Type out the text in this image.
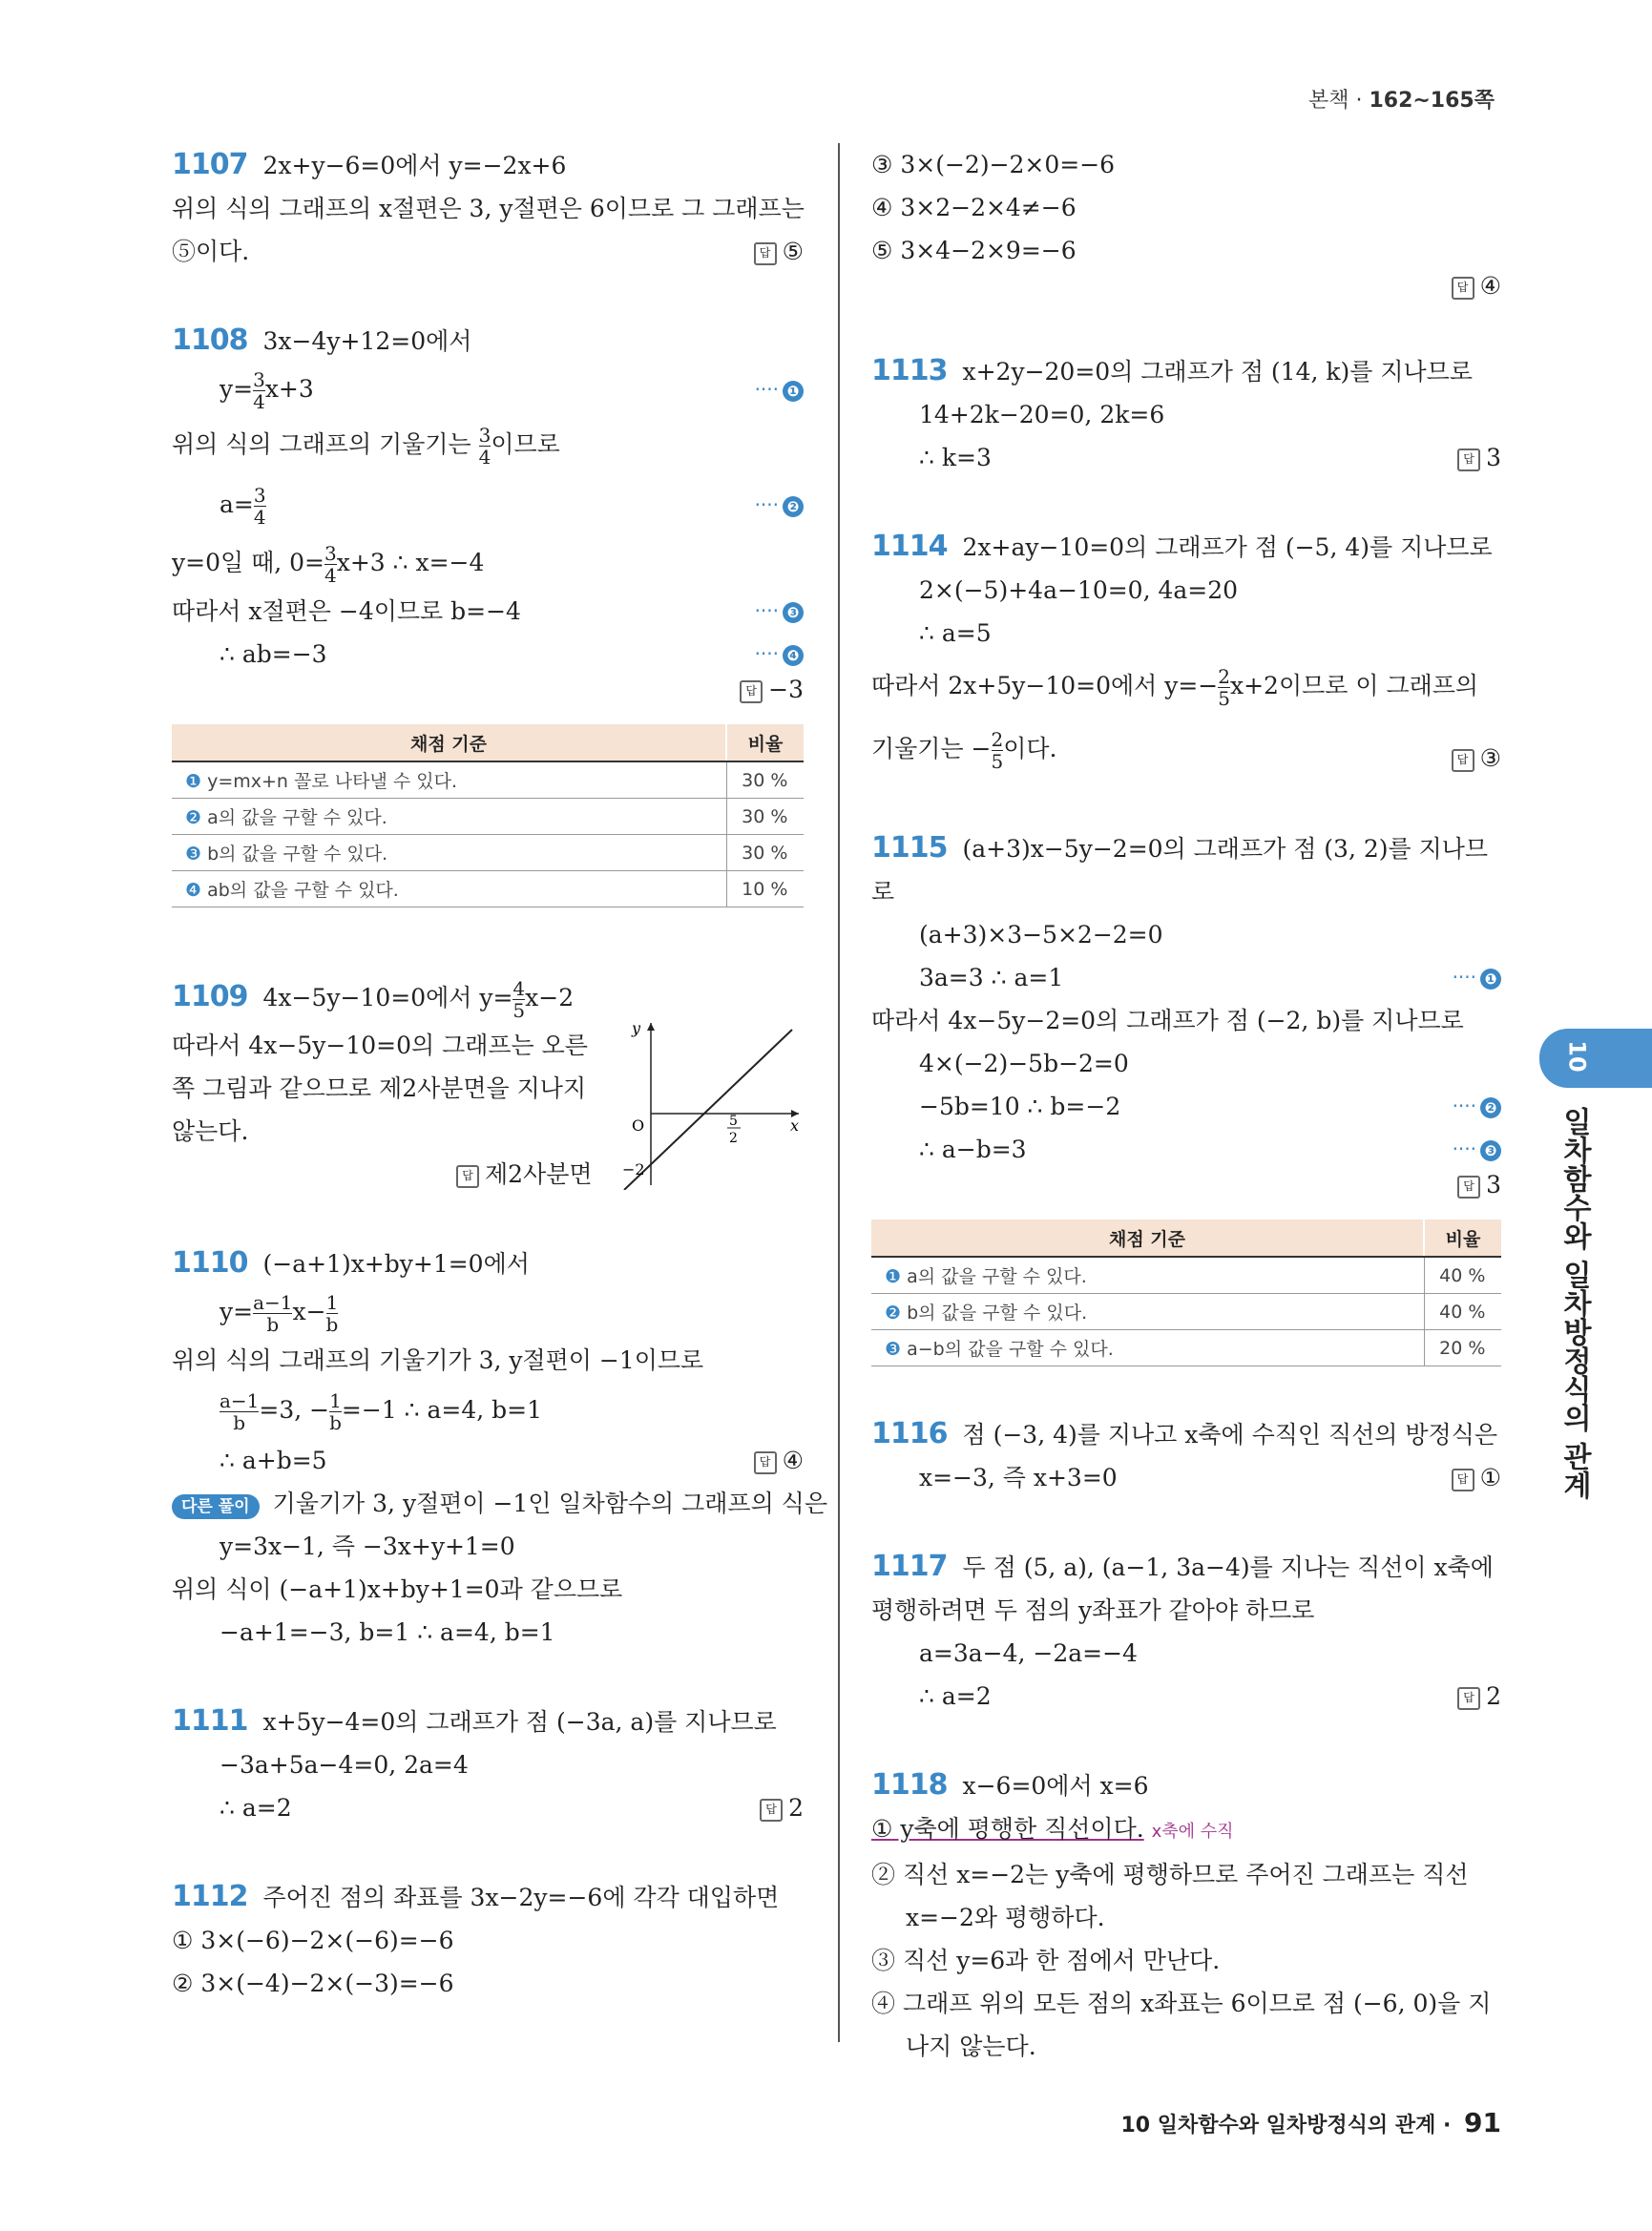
본책 · 162~165쪽
1107 2x+y−6=0에서 y=−2x+6
위의 식의 그래프의 x절편은 3, y절편은 6이므로 그 그래프는
⑤이다.	답 ⑤
1108 3x−4y+12=0에서
$y= \frac{3}{4} x+3$	···· ❶
위의 식의 그래프의 기울기는 $\frac{3}{4}$ 이므로
$a= \frac{3}{4}$	···· ❷
y=0일 때, $0= \frac{3}{4} x+3$ ∴ x=−4
따라서 x절편은 −4이므로 b=−4	···· ❸
∴ ab=−3	···· ❹
답 −3
채점 기준	비율
❶ y=mx+n 꼴로 나타낼 수 있다.	30 %
❷ a의 값을 구할 수 있다.	30 %
❸ b의 값을 구할 수 있다.	30 %
❹ ab의 값을 구할 수 있다.	10 %
1109 4x−5y−10=0에서 $y= \frac{4}{5} x-2$
따라서 4x−5y−10=0의 그래프는 오른
쪽 그림과 같으므로 제2사분면을 지나지
않는다.
답 제2사분면
y
x
O	5
2
−2
1110 (−a+1)x+by+1=0에서
$y= \frac{a-1}{b} x- \frac{1}{b}$
위의 식의 그래프의 기울기가 3, y절편이 −1이므로
$\frac{a-1}{b} =3$, − $\frac{1}{b} =-1$ ∴ a=4, b=1
∴ a+b=5	답 ④
다른 풀이 기울기가 3, y절편이 −1인 일차함수의 그래프의 식은
y=3x−1, 즉 −3x+y+1=0
위의 식이 (−a+1)x+by+1=0과 같으므로
−a+1=−3, b=1 ∴ a=4, b=1
1111 x+5y−4=0의 그래프가 점 (−3a, a)를 지나므로
−3a+5a−4=0, 2a=4
∴ a=2	답 2
1112 주어진 점의 좌표를 3x−2y=−6에 각각 대입하면
① 3×(−6)−2×(−6)=−6
② 3×(−4)−2×(−3)=−6
③ 3×(−2)−2×0=−6
④ 3×2−2×4≠−6
⑤ 3×4−2×9=−6
답 ④
1113 x+2y−20=0의 그래프가 점 (14, k)를 지나므로
14+2k−20=0, 2k=6
∴ k=3	답 3
1114 2x+ay−10=0의 그래프가 점 (−5, 4)를 지나므로
2×(−5)+4a−10=0, 4a=20
∴ a=5
따라서 2x+5y−10=0에서 $y=- \frac{2}{5} x+2$이므로 이 그래프의
기울기는 − $\frac{2}{5}$ 이다.	답 ③
1115 (a+3)x−5y−2=0의 그래프가 점 (3, 2)를 지나므
로
(a+3)×3−5×2−2=0
3a=3 ∴ a=1	···· ❶
따라서 4x−5y−2=0의 그래프가 점 (−2, b)를 지나므로
4×(−2)−5b−2=0
−5b=10 ∴ b=−2	···· ❷
∴ a−b=3	···· ❸
답 3
채점 기준	비율
❶ a의 값을 구할 수 있다.	40 %
❷ b의 값을 구할 수 있다.	40 %
❸ a−b의 값을 구할 수 있다.	20 %
1116 점 (−3, 4)를 지나고 x축에 수직인 직선의 방정식은
x=−3, 즉 x+3=0	답 ①
1117 두 점 (5, a), (a−1, 3a−4)를 지나는 직선이 x축에
평행하려면 두 점의 y좌표가 같아야 하므로
a=3a−4, −2a=−4
∴ a=2	답 2
1118 x−6=0에서 x=6
① y축에 평행한 직선이다. x축에 수직
② 직선 x=−2는 y축에 평행하므로 주어진 그래프는 직선
x=−2와 평행하다.
③ 직선 y=6과 한 점에서 만난다.
④ 그래프 위의 모든 점의 x좌표는 6이므로 점 (−6, 0)을 지
나지 않는다.
10
일차함수와 일차방정식의 관계
10 일차함수와 일차방정식의 관계 · 91
